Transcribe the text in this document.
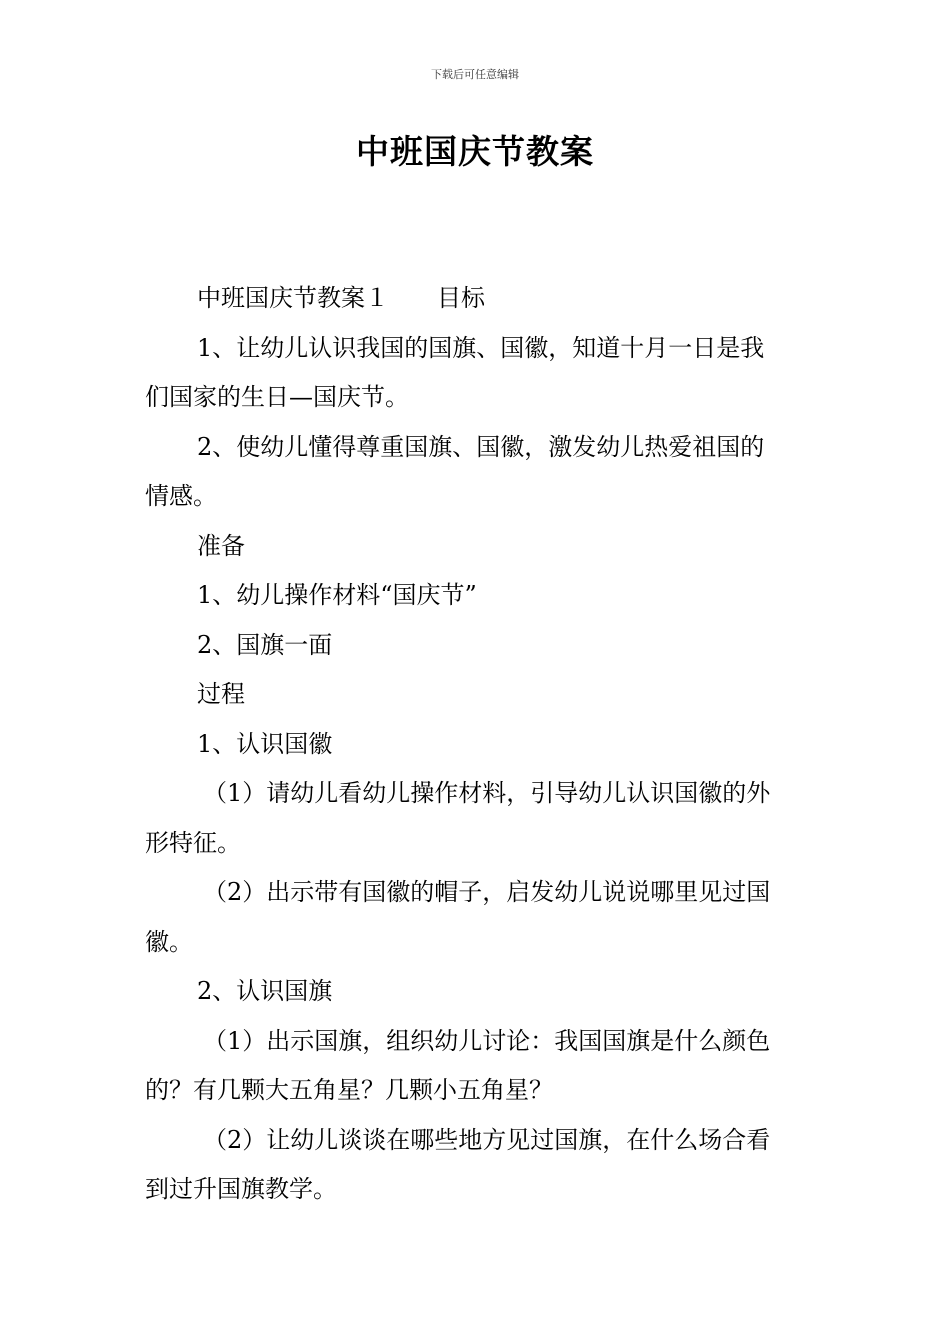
下载后可任意编辑
中班国庆节教案

中班国庆节教案１ 目标

1、让幼儿认识我国的国旗、国徽，知道十月一日是我

们国家的生日—国庆节。

2、使幼儿懂得尊重国旗、国徽，激发幼儿热爱祖国的

情感。

准备

1、幼儿操作材料“国庆节”

2、国旗一面

过程

1、认识国徽

（1）请幼儿看幼儿操作材料，引导幼儿认识国徽的外

形特征。

（2）出示带有国徽的帽子，启发幼儿说说哪里见过国

徽。

2、认识国旗

（1）出示国旗，组织幼儿讨论：我国国旗是什么颜色

的？有几颗大五角星？几颗小五角星？

（2）让幼儿谈谈在哪些地方见过国旗，在什么场合看

到过升国旗教学。
